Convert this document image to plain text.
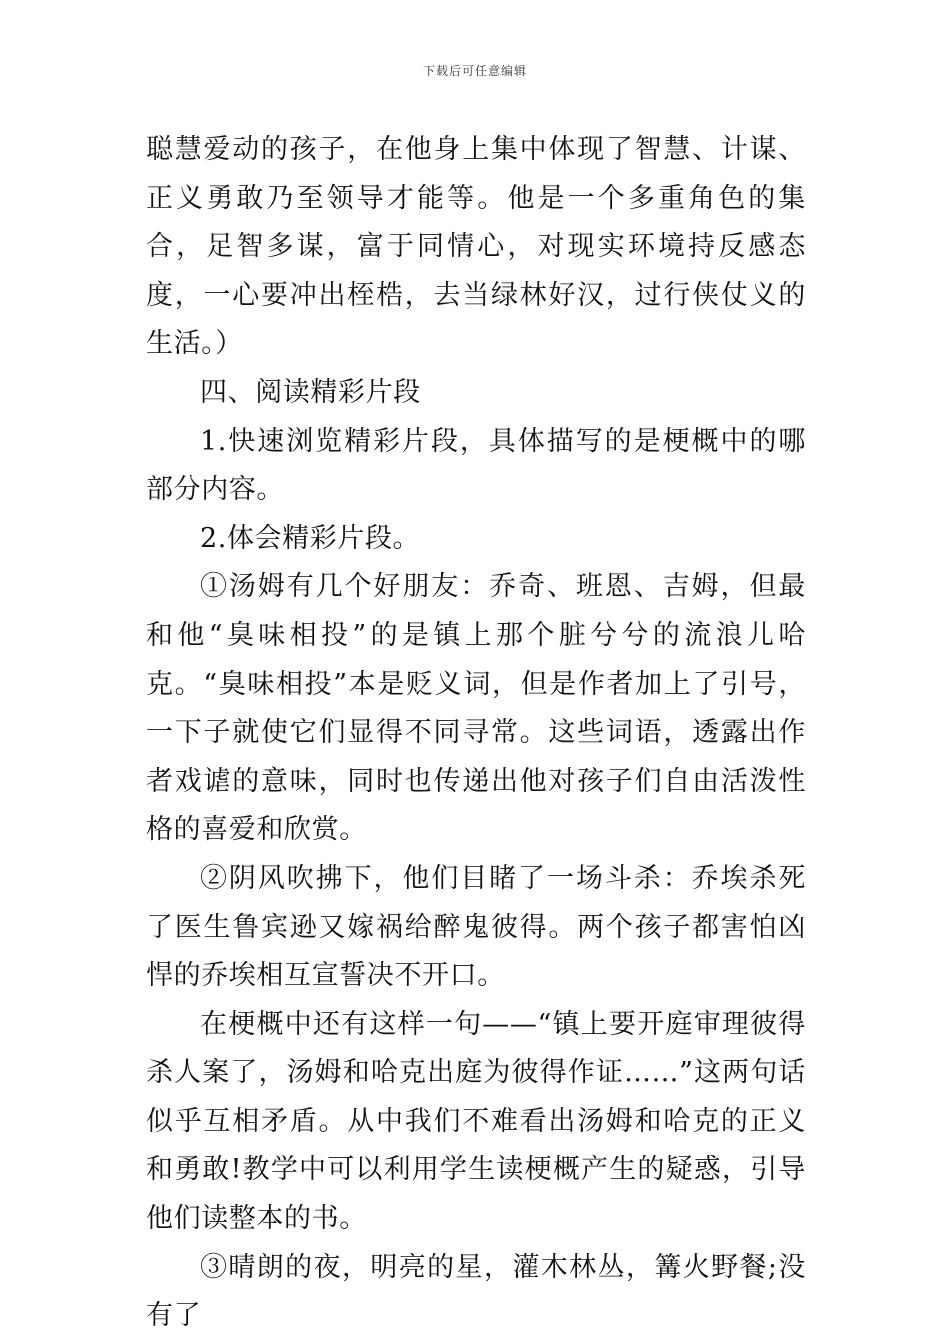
下载后可任意编辑

聪慧爱动的孩子，在他身上集中体现了智慧、计谋、正义勇敢乃至领导才能等。他是一个多重角色的集合，足智多谋，富于同情心，对现实环境持反感态度，一心要冲出桎梏，去当绿林好汉，过行侠仗义的生活。）

四、阅读精彩片段

1.快速浏览精彩片段，具体描写的是梗概中的哪部分内容。

2.体会精彩片段。

①汤姆有几个好朋友：乔奇、班恩、吉姆，但最和他“臭味相投”的是镇上那个脏兮兮的流浪儿哈克。“臭味相投”本是贬义词，但是作者加上了引号，一下子就使它们显得不同寻常。这些词语，透露出作者戏谑的意味，同时也传递出他对孩子们自由活泼性格的喜爱和欣赏。

②阴风吹拂下，他们目睹了一场斗杀：乔埃杀死了医生鲁宾逊又嫁祸给醉鬼彼得。两个孩子都害怕凶悍的乔埃相互宣誓决不开口。

在梗概中还有这样一句——“镇上要开庭审理彼得杀人案了，汤姆和哈克出庭为彼得作证……”这两句话似乎互相矛盾。从中我们不难看出汤姆和哈克的正义和勇敢!教学中可以利用学生读梗概产生的疑惑，引导他们读整本的书。

③晴朗的夜，明亮的星，灌木林丛，篝火野餐;没有了
